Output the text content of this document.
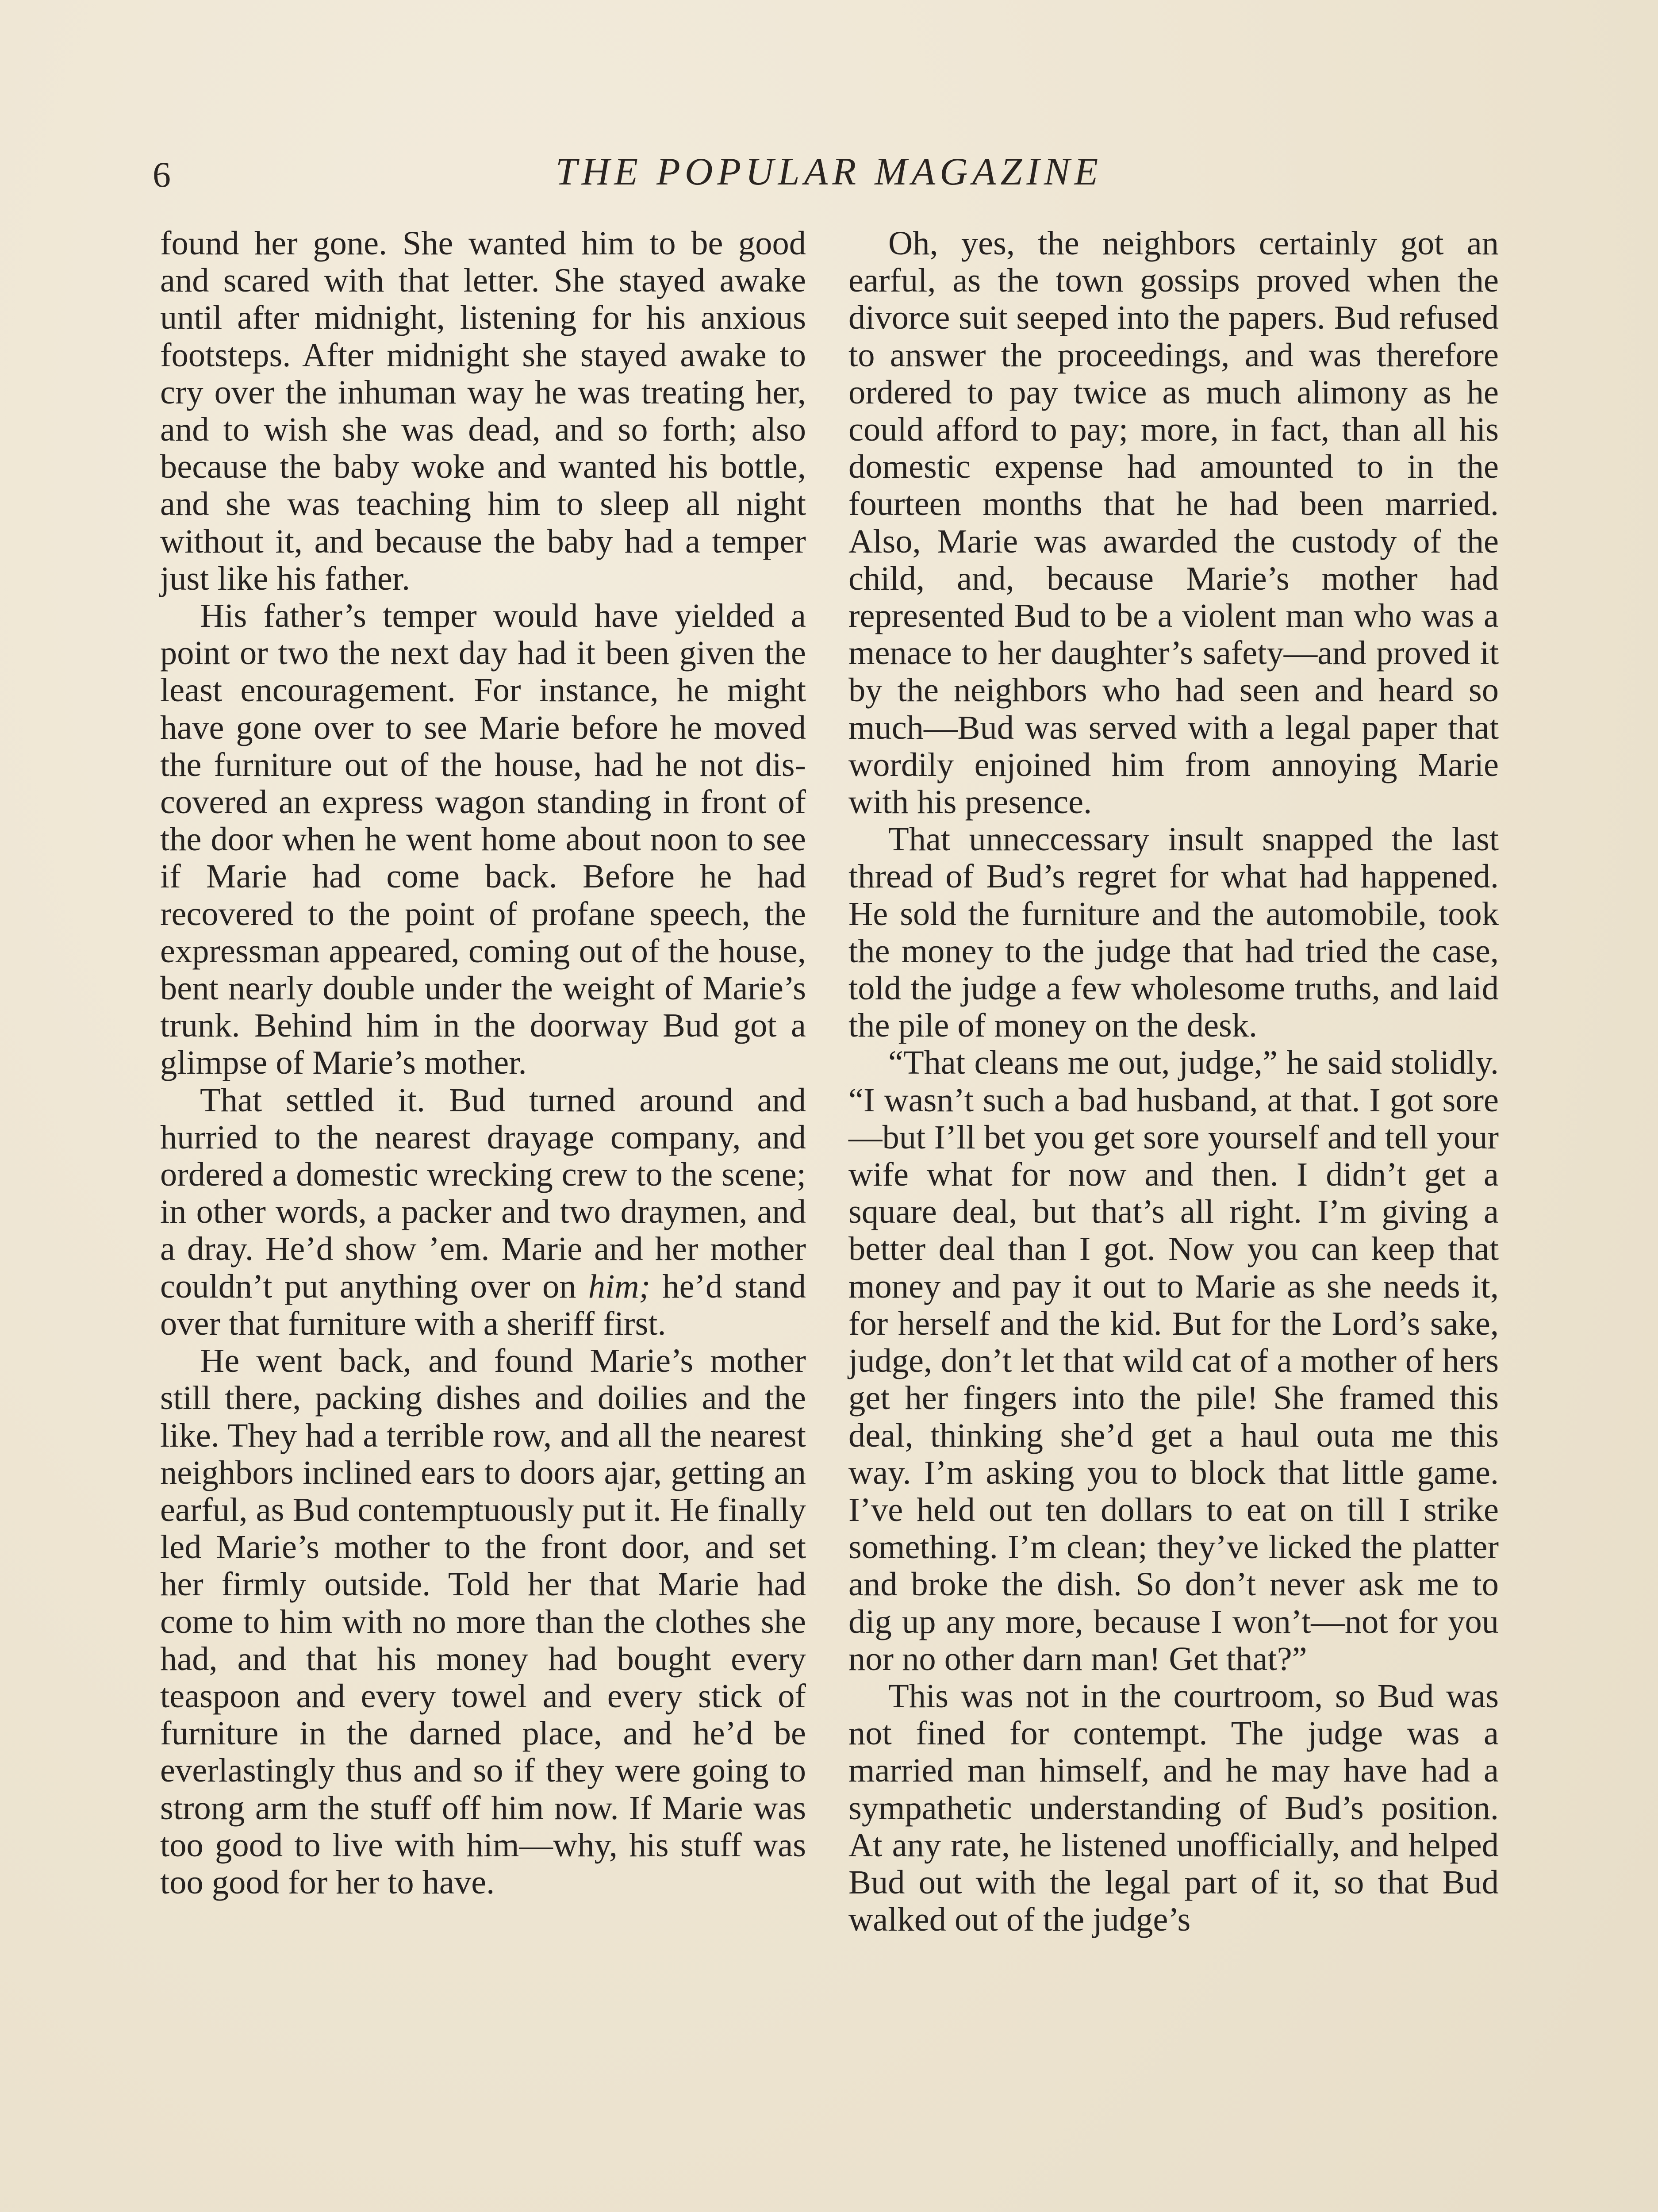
6	THE POPULAR MAGAZINE

found her gone. She wanted him to be good and scared with that letter. She stayed awake until after midnight, listening for his anxious footsteps. After midnight she stayed awake to cry over the inhuman way he was treating her, and to wish she was dead, and so forth; also because the baby woke and wanted his bottle, and she was teaching him to sleep all night without it, and because the baby had a temper just like his father.

His father’s temper would have yielded a point or two the next day had it been given the least encouragement. For instance, he might have gone over to see Marie before he moved the furniture out of the house, had he not discovered an express wagon standing in front of the door when he went home about noon to see if Marie had come back. Before he had recovered to the point of profane speech, the expressman appeared, coming out of the house, bent nearly double under the weight of Marie’s trunk. Behind him in the doorway Bud got a glimpse of Marie’s mother.

That settled it. Bud turned around and hurried to the nearest drayage company, and ordered a domestic wrecking crew to the scene; in other words, a packer and two draymen, and a dray. He’d show ’em. Marie and her mother couldn’t put anything over on him; he’d stand over that furniture with a sheriff first.

He went back, and found Marie’s mother still there, packing dishes and doilies and the like. They had a terrible row, and all the nearest neighbors inclined ears to doors ajar, getting an earful, as Bud contemptuously put it. He finally led Marie’s mother to the front door, and set her firmly outside. Told her that Marie had come to him with no more than the clothes she had, and that his money had bought every teaspoon and every towel and every stick of furniture in the darned place, and he’d be everlastingly thus and so if they were going to strong arm the stuff off him now. If Marie was too good to live with him—why, his stuff was too good for her to have.

Oh, yes, the neighbors certainly got an earful, as the town gossips proved when the divorce suit seeped into the papers. Bud refused to answer the proceedings, and was therefore ordered to pay twice as much alimony as he could afford to pay; more, in fact, than all his domestic expense had amounted to in the fourteen months that he had been married. Also, Marie was awarded the custody of the child, and, because Marie’s mother had represented Bud to be a violent man who was a menace to her daughter’s safety—and proved it by the neighbors who had seen and heard so much—Bud was served with a legal paper that wordily enjoined him from annoying Marie with his presence.

That unneccessary insult snapped the last thread of Bud’s regret for what had happened. He sold the furniture and the automobile, took the money to the judge that had tried the case, told the judge a few wholesome truths, and laid the pile of money on the desk.

“That cleans me out, judge,” he said stolidly. “I wasn’t such a bad husband, at that. I got sore—but I’ll bet you get sore yourself and tell your wife what for now and then. I didn’t get a square deal, but that’s all right. I’m giving a better deal than I got. Now you can keep that money and pay it out to Marie as she needs it, for herself and the kid. But for the Lord’s sake, judge, don’t let that wild cat of a mother of hers get her fingers into the pile! She framed this deal, thinking she’d get a haul outa me this way. I’m asking you to block that little game. I’ve held out ten dollars to eat on till I strike something. I’m clean; they’ve licked the platter and broke the dish. So don’t never ask me to dig up any more, because I won’t—not for you nor no other darn man! Get that?”

This was not in the courtroom, so Bud was not fined for contempt. The judge was a married man himself, and he may have had a sympathetic understanding of Bud’s position. At any rate, he listened unofficially, and helped Bud out with the legal part of it, so that Bud walked out of the judge’s
